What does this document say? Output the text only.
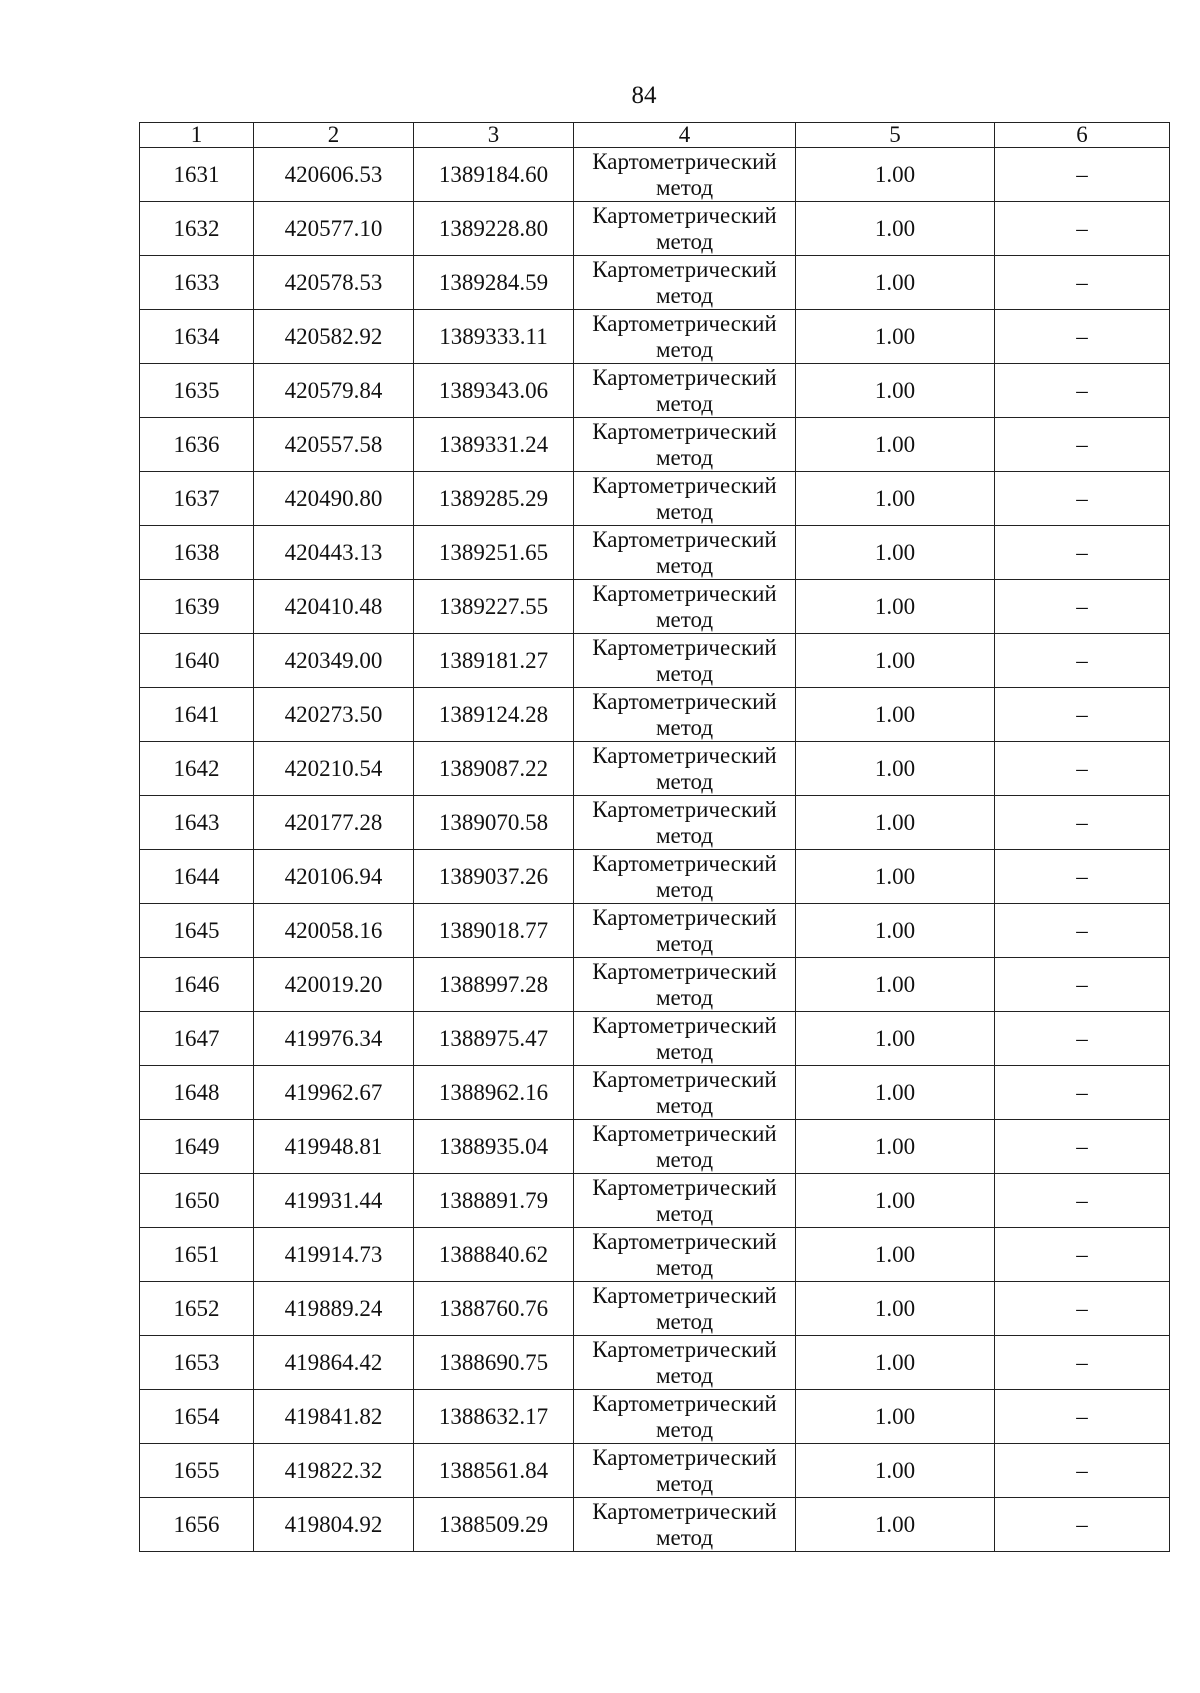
84
1	2	3	4	5	6
1631	420606.53	1389184.60	Картометрический метод	1.00	–
1632	420577.10	1389228.80	Картометрический метод	1.00	–
1633	420578.53	1389284.59	Картометрический метод	1.00	–
1634	420582.92	1389333.11	Картометрический метод	1.00	–
1635	420579.84	1389343.06	Картометрический метод	1.00	–
1636	420557.58	1389331.24	Картометрический метод	1.00	–
1637	420490.80	1389285.29	Картометрический метод	1.00	–
1638	420443.13	1389251.65	Картометрический метод	1.00	–
1639	420410.48	1389227.55	Картометрический метод	1.00	–
1640	420349.00	1389181.27	Картометрический метод	1.00	–
1641	420273.50	1389124.28	Картометрический метод	1.00	–
1642	420210.54	1389087.22	Картометрический метод	1.00	–
1643	420177.28	1389070.58	Картометрический метод	1.00	–
1644	420106.94	1389037.26	Картометрический метод	1.00	–
1645	420058.16	1389018.77	Картометрический метод	1.00	–
1646	420019.20	1388997.28	Картометрический метод	1.00	–
1647	419976.34	1388975.47	Картометрический метод	1.00	–
1648	419962.67	1388962.16	Картометрический метод	1.00	–
1649	419948.81	1388935.04	Картометрический метод	1.00	–
1650	419931.44	1388891.79	Картометрический метод	1.00	–
1651	419914.73	1388840.62	Картометрический метод	1.00	–
1652	419889.24	1388760.76	Картометрический метод	1.00	–
1653	419864.42	1388690.75	Картометрический метод	1.00	–
1654	419841.82	1388632.17	Картометрический метод	1.00	–
1655	419822.32	1388561.84	Картометрический метод	1.00	–
1656	419804.92	1388509.29	Картометрический метод	1.00	–
